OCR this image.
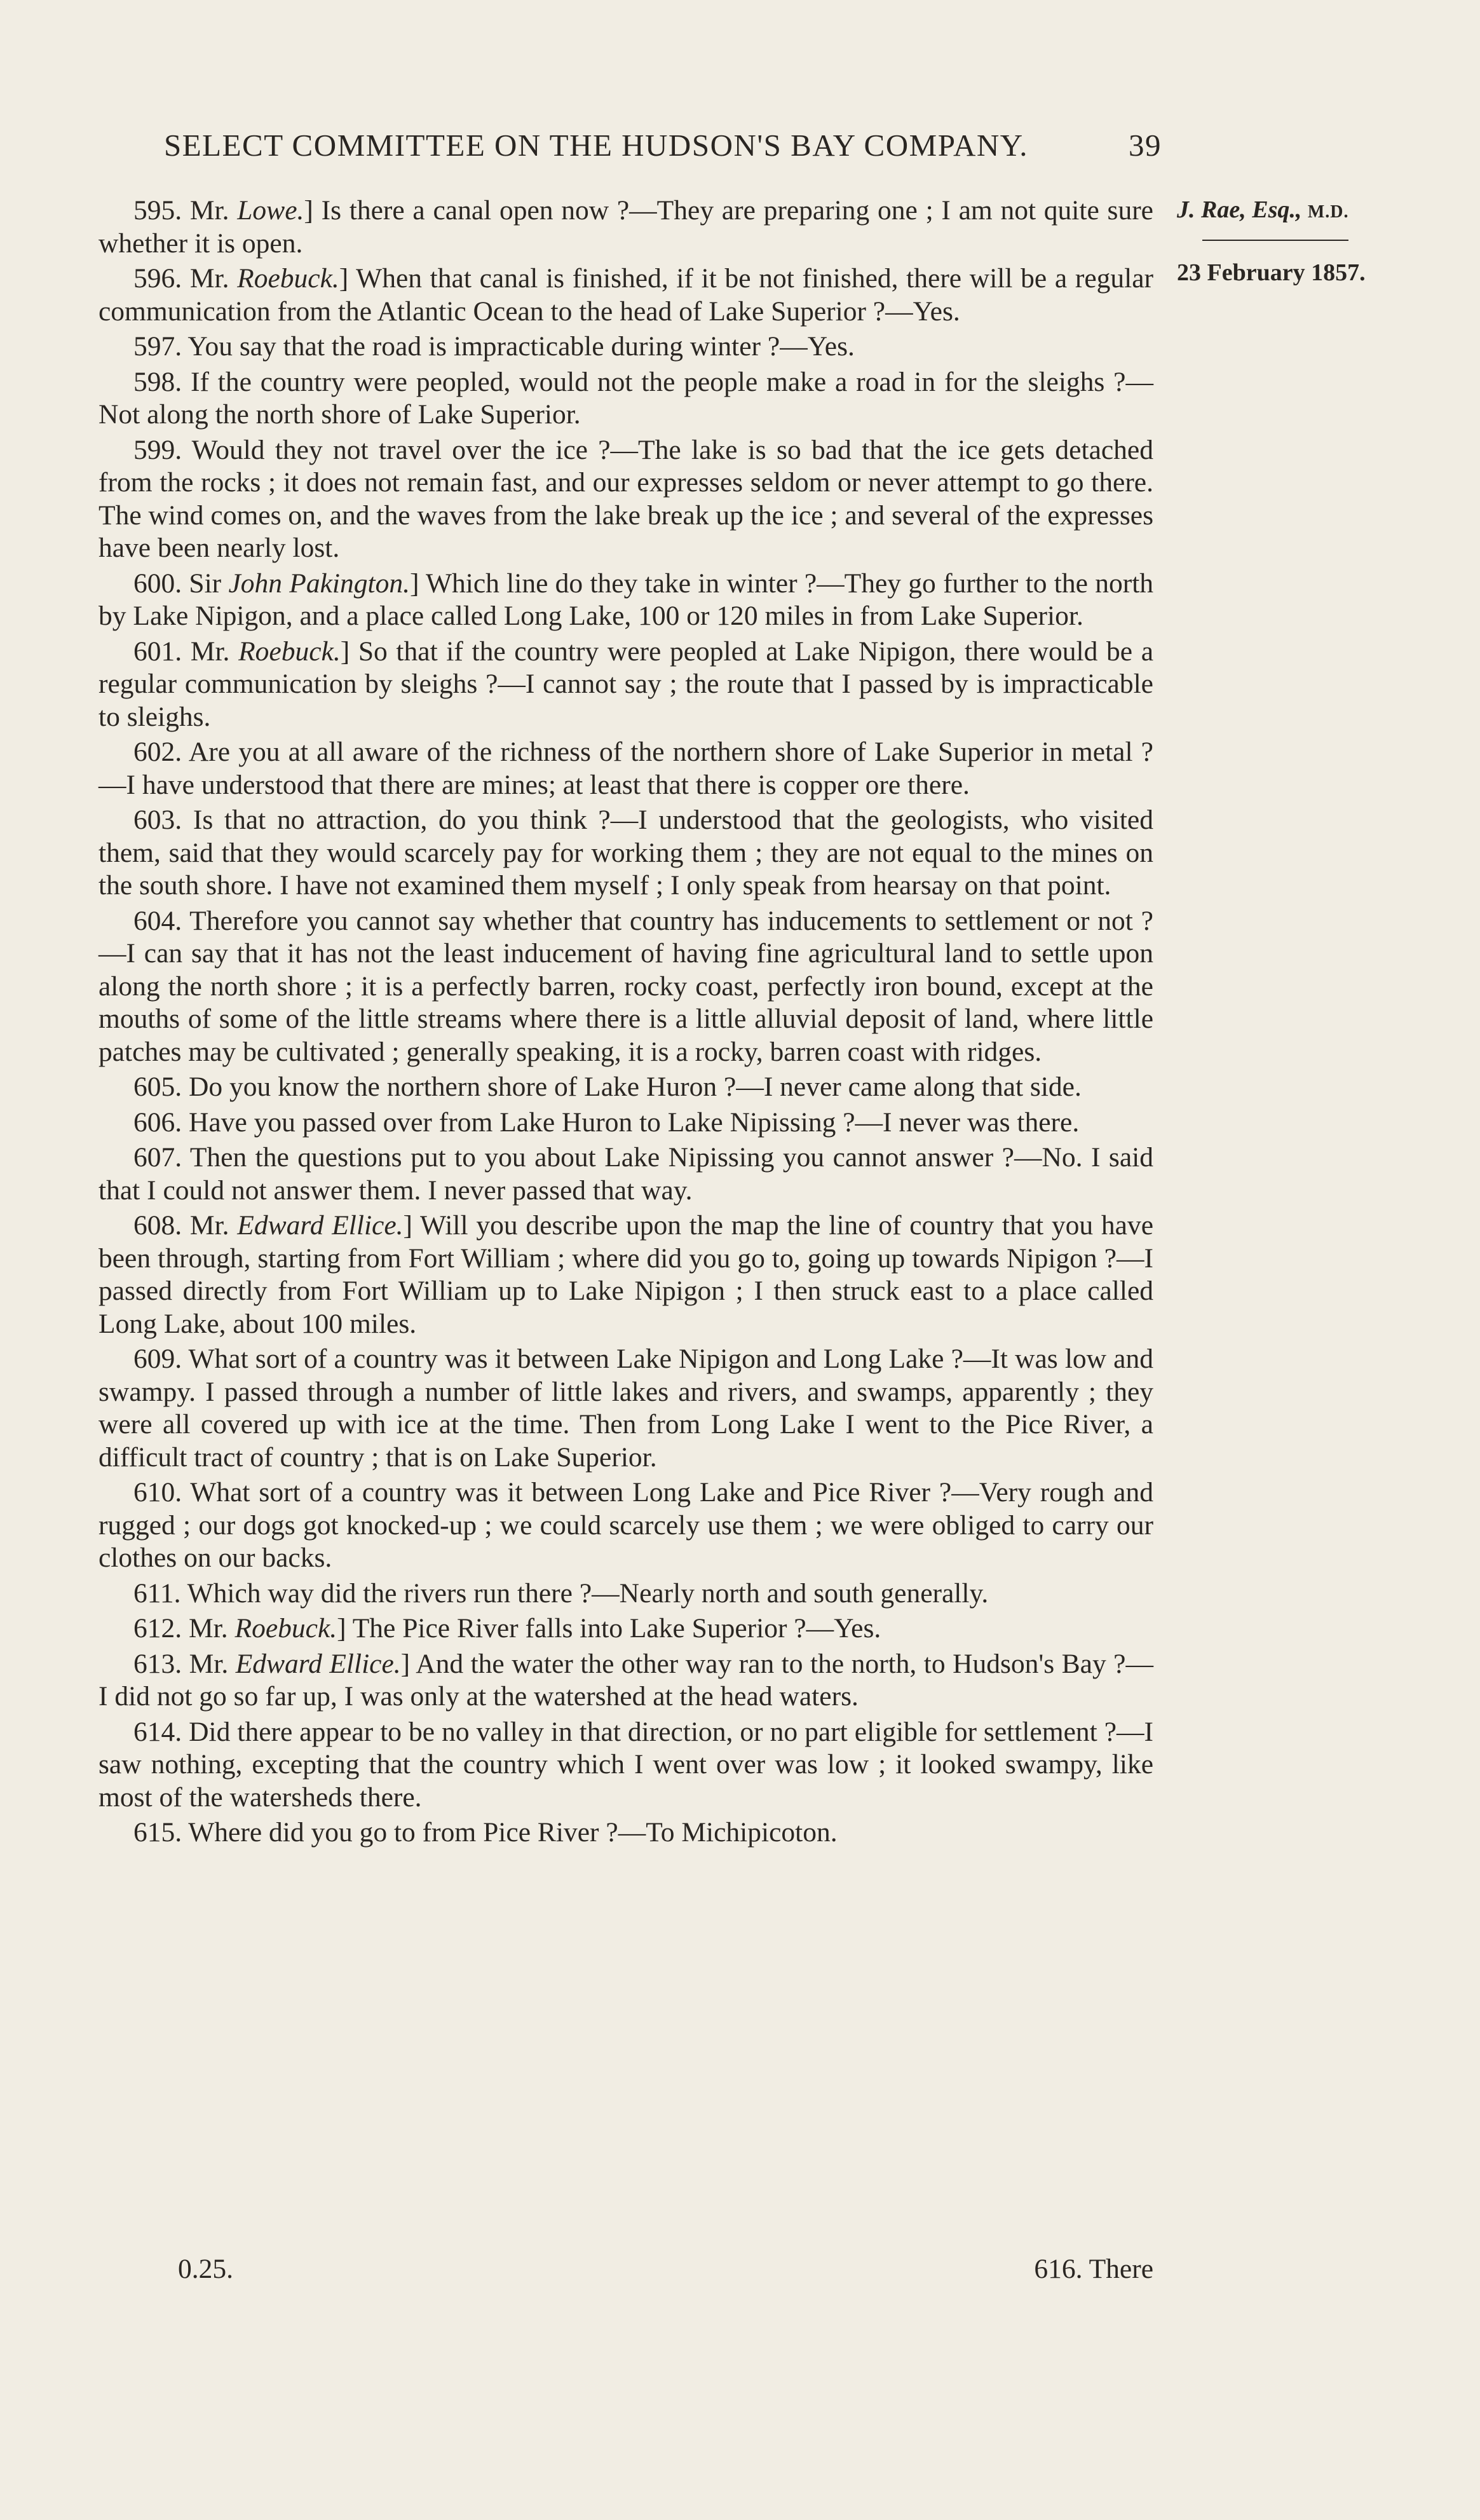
SELECT COMMITTEE ON THE HUDSON'S BAY COMPANY.	39
J. Rae, Esq., M.D.
23 February 1857.

595. Mr. Lowe.] Is there a canal open now ?—They are preparing one ; I am not quite sure whether it is open.

596. Mr. Roebuck.] When that canal is finished, if it be not finished, there will be a regular communication from the Atlantic Ocean to the head of Lake Superior ?—Yes.

597. You say that the road is impracticable during winter ?—Yes.

598. If the country were peopled, would not the people make a road in for the sleighs ?—Not along the north shore of Lake Superior.

599. Would they not travel over the ice ?—The lake is so bad that the ice gets detached from the rocks ; it does not remain fast, and our expresses seldom or never attempt to go there. The wind comes on, and the waves from the lake break up the ice ; and several of the expresses have been nearly lost.

600. Sir John Pakington.] Which line do they take in winter ?—They go further to the north by Lake Nipigon, and a place called Long Lake, 100 or 120 miles in from Lake Superior.

601. Mr. Roebuck.] So that if the country were peopled at Lake Nipigon, there would be a regular communication by sleighs ?—I cannot say ; the route that I passed by is impracticable to sleighs.

602. Are you at all aware of the richness of the northern shore of Lake Superior in metal ?—I have understood that there are mines; at least that there is copper ore there.

603. Is that no attraction, do you think ?—I understood that the geologists, who visited them, said that they would scarcely pay for working them ; they are not equal to the mines on the south shore. I have not examined them myself ; I only speak from hearsay on that point.

604. Therefore you cannot say whether that country has inducements to settlement or not ?—I can say that it has not the least inducement of having fine agricultural land to settle upon along the north shore ; it is a perfectly barren, rocky coast, perfectly iron bound, except at the mouths of some of the little streams where there is a little alluvial deposit of land, where little patches may be cultivated ; generally speaking, it is a rocky, barren coast with ridges.

605. Do you know the northern shore of Lake Huron ?—I never came along that side.

606. Have you passed over from Lake Huron to Lake Nipissing ?—I never was there.

607. Then the questions put to you about Lake Nipissing you cannot answer ?—No. I said that I could not answer them. I never passed that way.

608. Mr. Edward Ellice.] Will you describe upon the map the line of country that you have been through, starting from Fort William ; where did you go to, going up towards Nipigon ?—I passed directly from Fort William up to Lake Nipigon ; I then struck east to a place called Long Lake, about 100 miles.

609. What sort of a country was it between Lake Nipigon and Long Lake ?—It was low and swampy. I passed through a number of little lakes and rivers, and swamps, apparently ; they were all covered up with ice at the time. Then from Long Lake I went to the Pice River, a difficult tract of country ; that is on Lake Superior.

610. What sort of a country was it between Long Lake and Pice River ?—Very rough and rugged ; our dogs got knocked-up ; we could scarcely use them ; we were obliged to carry our clothes on our backs.

611. Which way did the rivers run there ?—Nearly north and south generally.

612. Mr. Roebuck.] The Pice River falls into Lake Superior ?—Yes.

613. Mr. Edward Ellice.] And the water the other way ran to the north, to Hudson's Bay ?—I did not go so far up, I was only at the watershed at the head waters.

614. Did there appear to be no valley in that direction, or no part eligible for settlement ?—I saw nothing, excepting that the country which I went over was low ; it looked swampy, like most of the watersheds there.

615. Where did you go to from Pice River ?—To Michipicoton.

0.25.	616. There
